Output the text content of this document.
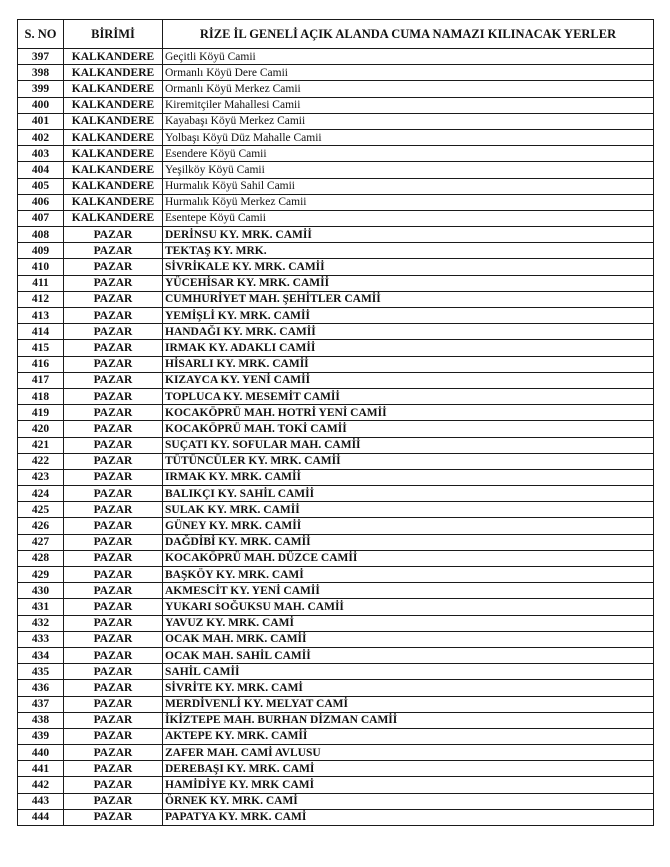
S. NO	BİRİMİ	RİZE İL GENELİ AÇIK ALANDA CUMA NAMAZI KILINACAK YERLER
397	KALKANDERE	Geçitli Köyü Camii
398	KALKANDERE	Ormanlı Köyü Dere Camii
399	KALKANDERE	Ormanlı Köyü Merkez Camii
400	KALKANDERE	Kiremitçiler Mahallesi Camii
401	KALKANDERE	Kayabaşı Köyü Merkez Camii
402	KALKANDERE	Yolbaşı Köyü Düz Mahalle Camii
403	KALKANDERE	Esendere Köyü Camii
404	KALKANDERE	Yeşilköy Köyü Camii
405	KALKANDERE	Hurmalık Köyü Sahil Camii
406	KALKANDERE	Hurmalık Köyü Merkez Camii
407	KALKANDERE	Esentepe Köyü Camii
408	PAZAR	DERİNSU KY. MRK. CAMİİ
409	PAZAR	TEKTAŞ KY. MRK.
410	PAZAR	SİVRİKALE KY. MRK. CAMİİ
411	PAZAR	YÜCEHİSAR KY. MRK. CAMİİ
412	PAZAR	CUMHURİYET MAH. ŞEHİTLER CAMİİ
413	PAZAR	YEMİŞLİ KY. MRK. CAMİİ
414	PAZAR	HANDAĞI KY. MRK. CAMİİ
415	PAZAR	IRMAK KY. ADAKLI CAMİİ
416	PAZAR	HİSARLI KY. MRK. CAMİİ
417	PAZAR	KIZAYCA KY. YENİ CAMİİ
418	PAZAR	TOPLUCA KY. MESEMİT CAMİİ
419	PAZAR	KOCAKÖPRÜ MAH. HOTRİ YENİ CAMİİ
420	PAZAR	KOCAKÖPRÜ MAH. TOKİ CAMİİ
421	PAZAR	SUÇATI KY. SOFULAR MAH. CAMİİ
422	PAZAR	TÜTÜNCÜLER KY. MRK. CAMİİ
423	PAZAR	IRMAK KY. MRK. CAMİİ
424	PAZAR	BALIKÇI KY. SAHİL CAMİİ
425	PAZAR	SULAK KY. MRK. CAMİİ
426	PAZAR	GÜNEY KY. MRK. CAMİİ
427	PAZAR	DAĞDİBİ KY. MRK. CAMİİ
428	PAZAR	KOCAKÖPRÜ MAH. DÜZCE CAMİİ
429	PAZAR	BAŞKÖY KY. MRK. CAMİ
430	PAZAR	AKMESCİT KY. YENİ CAMİİ
431	PAZAR	YUKARI SOĞUKSU MAH. CAMİİ
432	PAZAR	YAVUZ KY. MRK. CAMİ
433	PAZAR	OCAK MAH. MRK. CAMİİ
434	PAZAR	OCAK MAH. SAHİL CAMİİ
435	PAZAR	SAHİL CAMİİ
436	PAZAR	SİVRİTE KY. MRK. CAMİ
437	PAZAR	MERDİVENLİ KY. MELYAT CAMİ
438	PAZAR	İKİZTEPE MAH. BURHAN DİZMAN CAMİİ
439	PAZAR	AKTEPE KY. MRK. CAMİİ
440	PAZAR	ZAFER MAH. CAMİ AVLUSU
441	PAZAR	DEREBAŞI KY. MRK. CAMİ
442	PAZAR	HAMİDİYE KY. MRK CAMİ
443	PAZAR	ÖRNEK KY. MRK. CAMİ
444	PAZAR	PAPATYA KY. MRK. CAMİ
